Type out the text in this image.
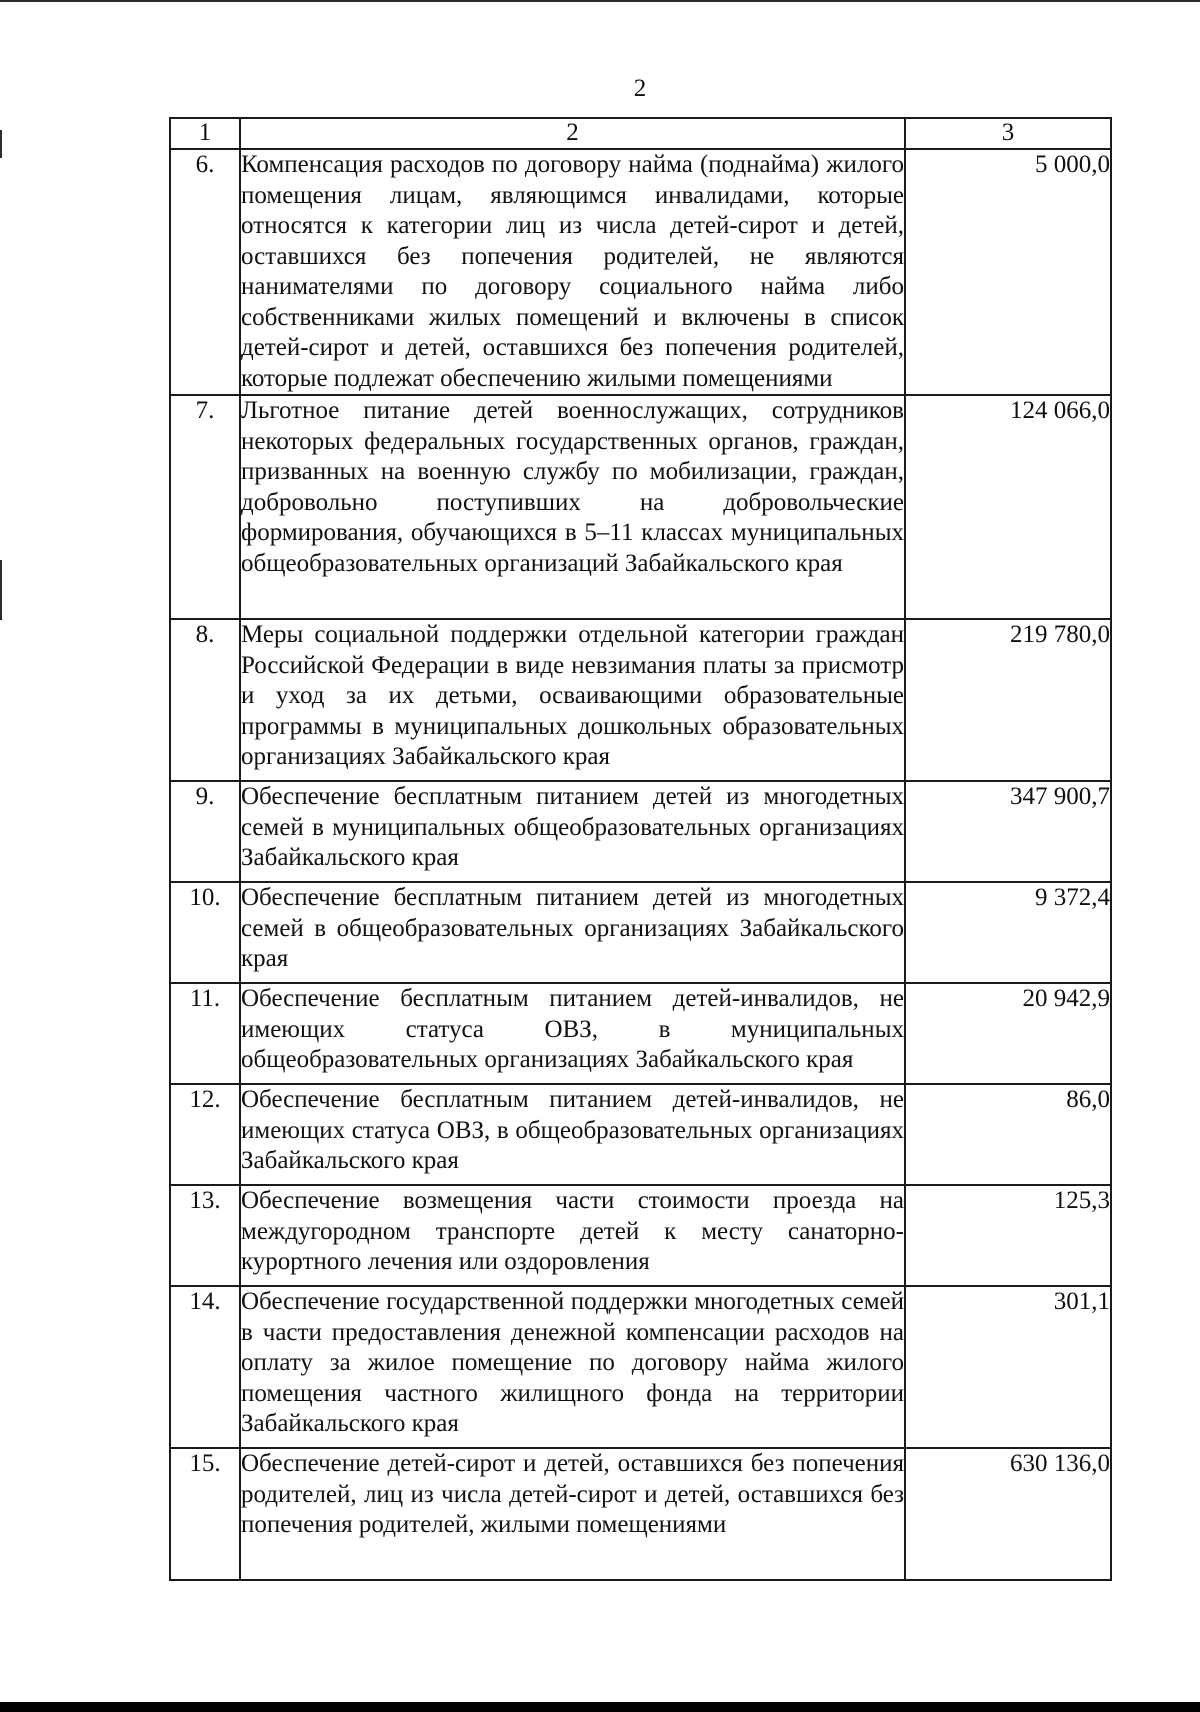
2
1	2	3
6.	Компенсация расходов по договору найма (поднайма) жилого помещения лицам, являющимся инвалидами, которые относятся к категории лиц из числа детей-сирот и детей, оставшихся без попечения родителей, не являются нанимателями по договору социального найма либо собственниками жилых помещений и включены в список детей-сирот и детей, оставшихся без попечения родителей, которые подлежат обеспечению жилыми помещениями	5 000,0
7.	Льготное питание детей военнослужащих, сотрудников некоторых федеральных государственных органов, граждан, призванных на военную службу по мобилизации, граждан, добровольно поступивших на добровольческие формирования, обучающихся в 5–11 классах муниципальных общеобразовательных организаций Забайкальского края	124 066,0
8.	Меры социальной поддержки отдельной категории граждан Российской Федерации в виде невзимания платы за присмотр и уход за их детьми, осваивающими образовательные программы в муниципальных дошкольных образовательных организациях Забайкальского края	219 780,0
9.	Обеспечение бесплатным питанием детей из многодетных семей в муниципальных общеобразовательных организациях Забайкальского края	347 900,7
10.	Обеспечение бесплатным питанием детей из многодетных семей в общеобразовательных организациях Забайкальского края	9 372,4
11.	Обеспечение бесплатным питанием детей-инвалидов, не имеющих статуса ОВЗ, в муниципальных общеобразовательных организациях Забайкальского края	20 942,9
12.	Обеспечение бесплатным питанием детей-инвалидов, не имеющих статуса ОВЗ, в общеобразовательных организациях Забайкальского края	86,0
13.	Обеспечение возмещения части стоимости проезда на междугородном транспорте детей к месту санаторно-курортного лечения или оздоровления	125,3
14.	Обеспечение государственной поддержки многодетных семей в части предоставления денежной компенсации расходов на оплату за жилое помещение по договору найма жилого помещения частного жилищного фонда на территории Забайкальского края	301,1
15.	Обеспечение детей-сирот и детей, оставшихся без попечения родителей, лиц из числа детей-сирот и детей, оставшихся без попечения родителей, жилыми помещениями	630 136,0
